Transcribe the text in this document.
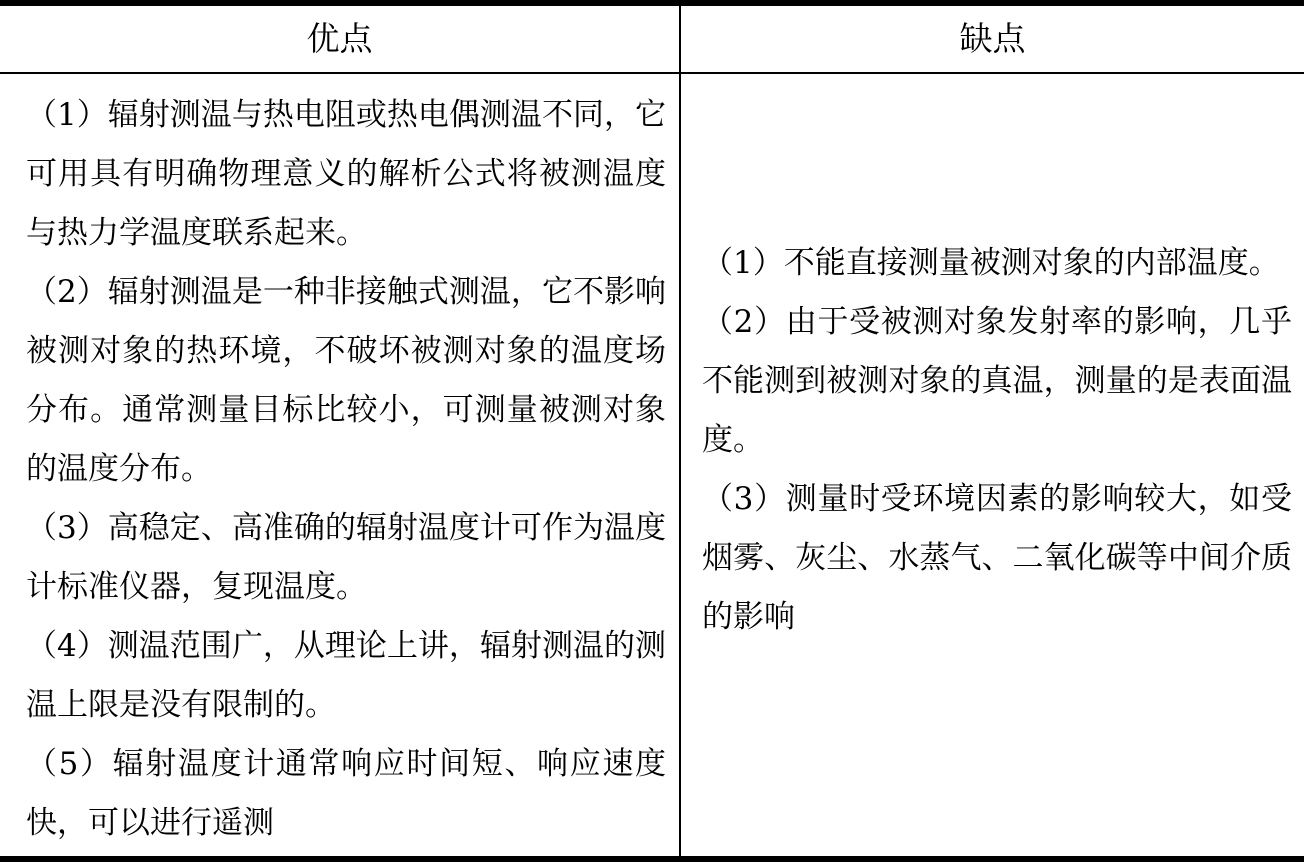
优点	缺点

（1）辐射测温与热电阻或热电偶测温不同，它可用具有明确物理意义的解析公式将被测温度与热力学温度联系起来。

（2）辐射测温是一种非接触式测温，它不影响被测对象的热环境，不破坏被测对象的温度场分布。通常测量目标比较小，可测量被测对象的温度分布。

（3）高稳定、高准确的辐射温度计可作为温度计标准仪器，复现温度。

（4）测温范围广，从理论上讲，辐射测温的测温上限是没有限制的。

（5）辐射温度计通常响应时间短、响应速度快，可以进行遥测

（1）不能直接测量被测对象的内部温度。

（2）由于受被测对象发射率的影响，几乎不能测到被测对象的真温，测量的是表面温度。

（3）测量时受环境因素的影响较大，如受烟雾、灰尘、水蒸气、二氧化碳等中间介质的影响
